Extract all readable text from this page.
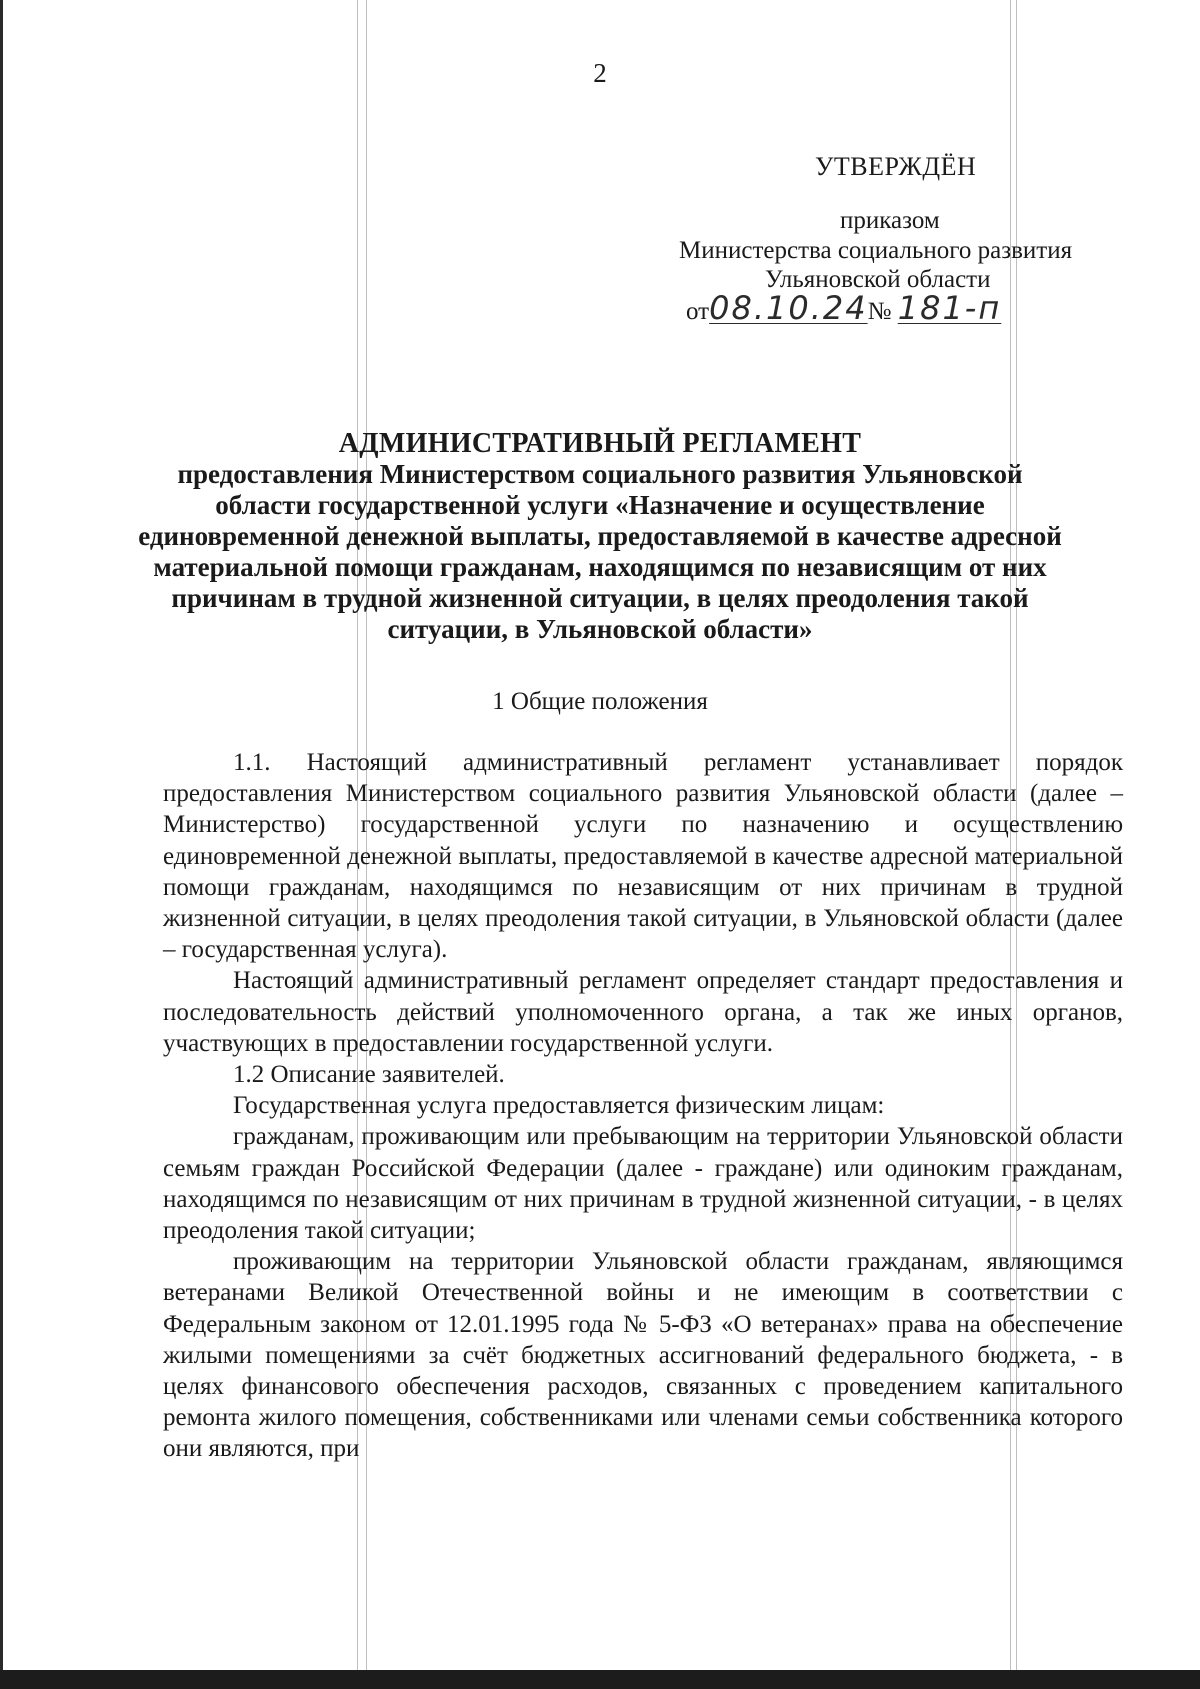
2
УТВЕРЖДЁН
приказом
Министерства социального развития
Ульяновской области
от08.10.24№ 181-п
АДМИНИСТРАТИВНЫЙ РЕГЛАМЕНТ
предоставления Министерством социального развития Ульяновской
области государственной услуги «Назначение и осуществление
единовременной денежной выплаты, предоставляемой в качестве адресной
материальной помощи гражданам, находящимся по независящим от них
причинам в трудной жизненной ситуации, в целях преодоления такой
ситуации, в Ульяновской области»
1 Общие положения

1.1. Настоящий административный регламент устанавливает порядок предоставления Министерством социального развития Ульяновской области (далее – Министерство) государственной услуги по назначению и осуществлению единовременной денежной выплаты, предоставляемой в качестве адресной материальной помощи гражданам, находящимся по независящим от них причинам в трудной жизненной ситуации, в целях преодоления такой ситуации, в Ульяновской области (далее – государственная услуга).

Настоящий административный регламент определяет стандарт предоставления и последовательность действий уполномоченного органа, а так же иных органов, участвующих в предоставлении государственной услуги.

1.2 Описание заявителей.

Государственная услуга предоставляется физическим лицам:

гражданам, проживающим или пребывающим на территории Ульяновской области семьям граждан Российской Федерации (далее - граждане) или одиноким гражданам, находящимся по независящим от них причинам в трудной жизненной ситуации, - в целях преодоления такой ситуации;

проживающим на территории Ульяновской области гражданам, являющимся ветеранами Великой Отечественной войны и не имеющим в соответствии с Федеральным законом от 12.01.1995 года № 5-ФЗ «О ветеранах» права на обеспечение жилыми помещениями за счёт бюджетных ассигнований федерального бюджета, - в целях финансового обеспечения расходов, связанных с проведением капитального ремонта жилого помещения, собственниками или членами семьи собственника которого они являются, при
